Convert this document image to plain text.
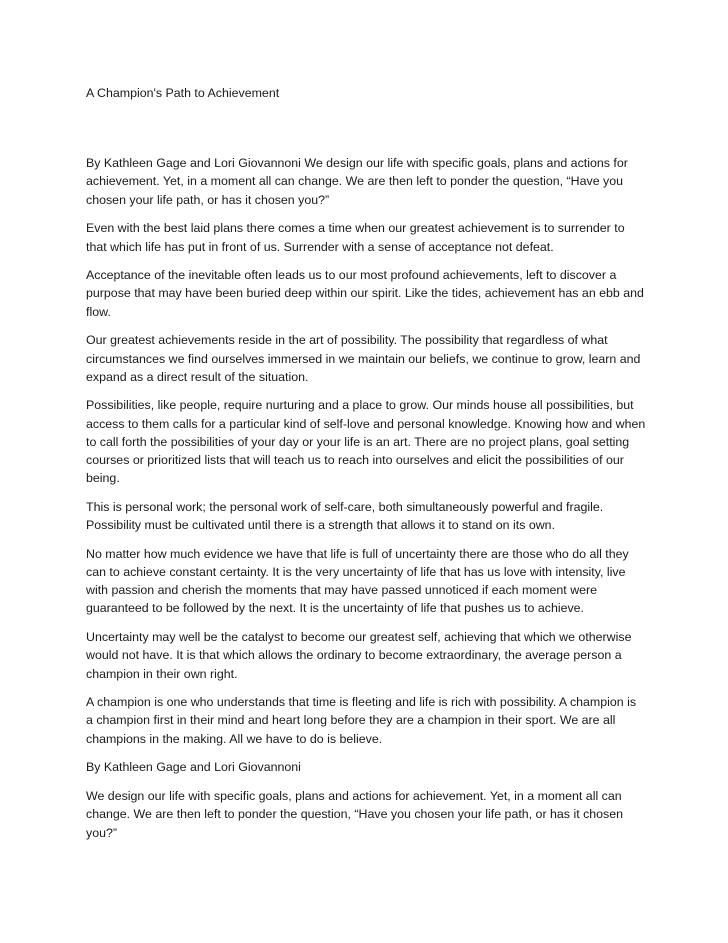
A Champion's Path to Achievement

By Kathleen Gage and Lori Giovannoni We design our life with specific goals, plans and actions for achievement. Yet, in a moment all can change. We are then left to ponder the question, “Have you chosen your life path, or has it chosen you?”

Even with the best laid plans there comes a time when our greatest achievement is to surrender to that which life has put in front of us. Surrender with a sense of acceptance not defeat.

Acceptance of the inevitable often leads us to our most profound achievements, left to discover a purpose that may have been buried deep within our spirit. Like the tides, achievement has an ebb and flow.

Our greatest achievements reside in the art of possibility. The possibility that regardless of what circumstances we find ourselves immersed in we maintain our beliefs, we continue to grow, learn and expand as a direct result of the situation.

Possibilities, like people, require nurturing and a place to grow. Our minds house all possibilities, but access to them calls for a particular kind of self-love and personal knowledge. Knowing how and when to call forth the possibilities of your day or your life is an art. There are no project plans, goal setting courses or prioritized lists that will teach us to reach into ourselves and elicit the possibilities of our being.

This is personal work; the personal work of self-care, both simultaneously powerful and fragile. Possibility must be cultivated until there is a strength that allows it to stand on its own.

No matter how much evidence we have that life is full of uncertainty there are those who do all they can to achieve constant certainty. It is the very uncertainty of life that has us love with intensity, live with passion and cherish the moments that may have passed unnoticed if each moment were guaranteed to be followed by the next. It is the uncertainty of life that pushes us to achieve.

Uncertainty may well be the catalyst to become our greatest self, achieving that which we otherwise would not have. It is that which allows the ordinary to become extraordinary, the average person a champion in their own right.

A champion is one who understands that time is fleeting and life is rich with possibility. A champion is a champion first in their mind and heart long before they are a champion in their sport. We are all champions in the making. All we have to do is believe.

By Kathleen Gage and Lori Giovannoni

We design our life with specific goals, plans and actions for achievement. Yet, in a moment all can change. We are then left to ponder the question, “Have you chosen your life path, or has it chosen you?”
